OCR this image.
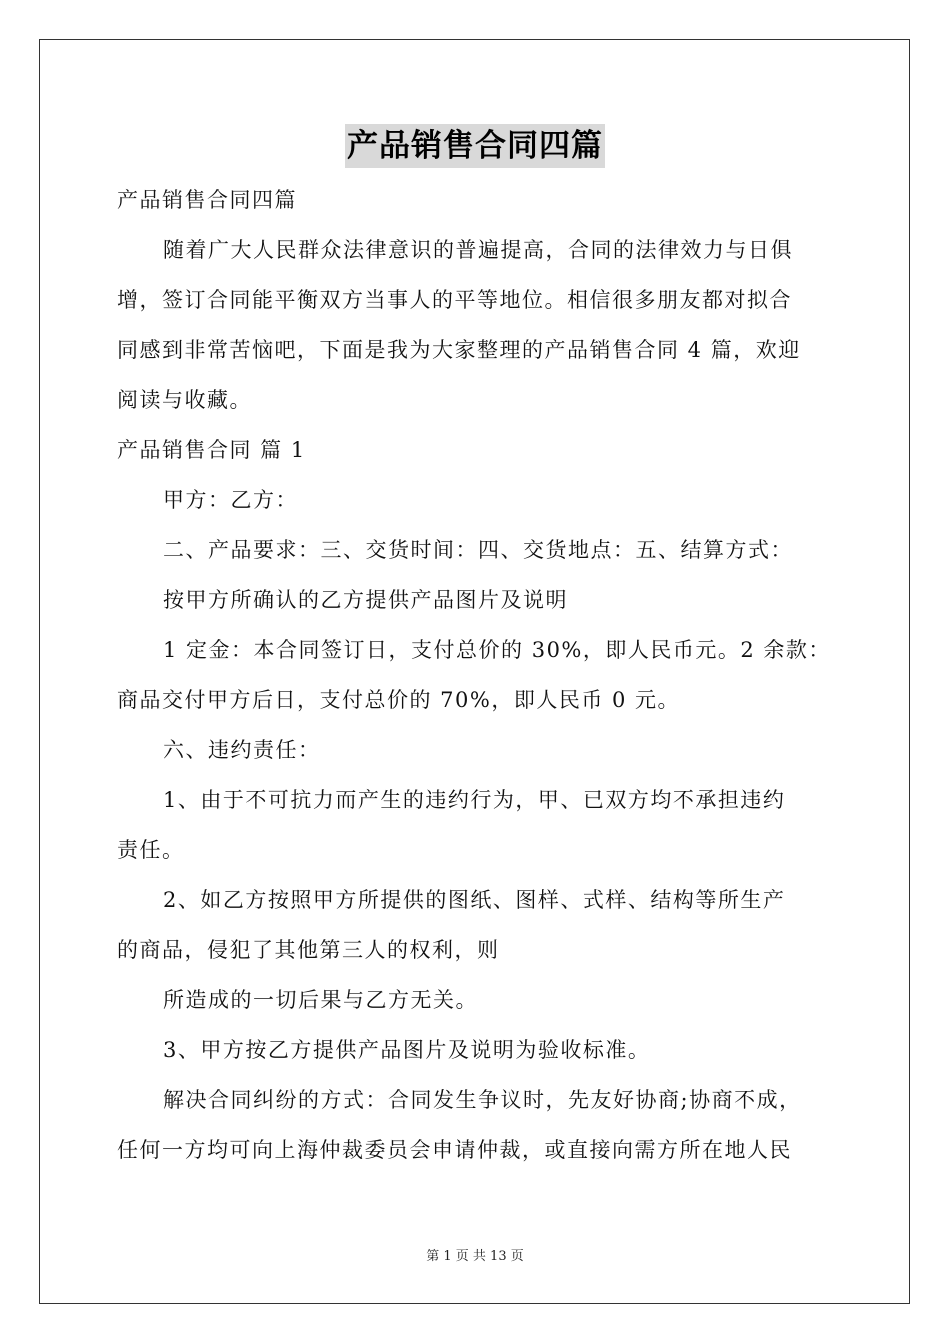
产品销售合同四篇
产品销售合同四篇
随着广大人民群众法律意识的普遍提高，合同的法律效力与日俱
增，签订合同能平衡双方当事人的平等地位。相信很多朋友都对拟合
同感到非常苦恼吧，下面是我为大家整理的产品销售合同 4 篇，欢迎
阅读与收藏。
产品销售合同 篇 1
甲方：乙方：
二、产品要求：三、交货时间：四、交货地点：五、结算方式：
按甲方所确认的乙方提供产品图片及说明
1 定金：本合同签订日，支付总价的 30%，即人民币元。2 余款：
商品交付甲方后日，支付总价的 70%，即人民币 0 元。
六、违约责任：
1、由于不可抗力而产生的违约行为，甲、已双方均不承担违约
责任。
2、如乙方按照甲方所提供的图纸、图样、式样、结构等所生产
的商品，侵犯了其他第三人的权利，则
所造成的一切后果与乙方无关。
3、甲方按乙方提供产品图片及说明为验收标准。
解决合同纠纷的方式：合同发生争议时，先友好协商;协商不成，
任何一方均可向上海仲裁委员会申请仲裁，或直接向需方所在地人民
第 1 页 共 13 页
